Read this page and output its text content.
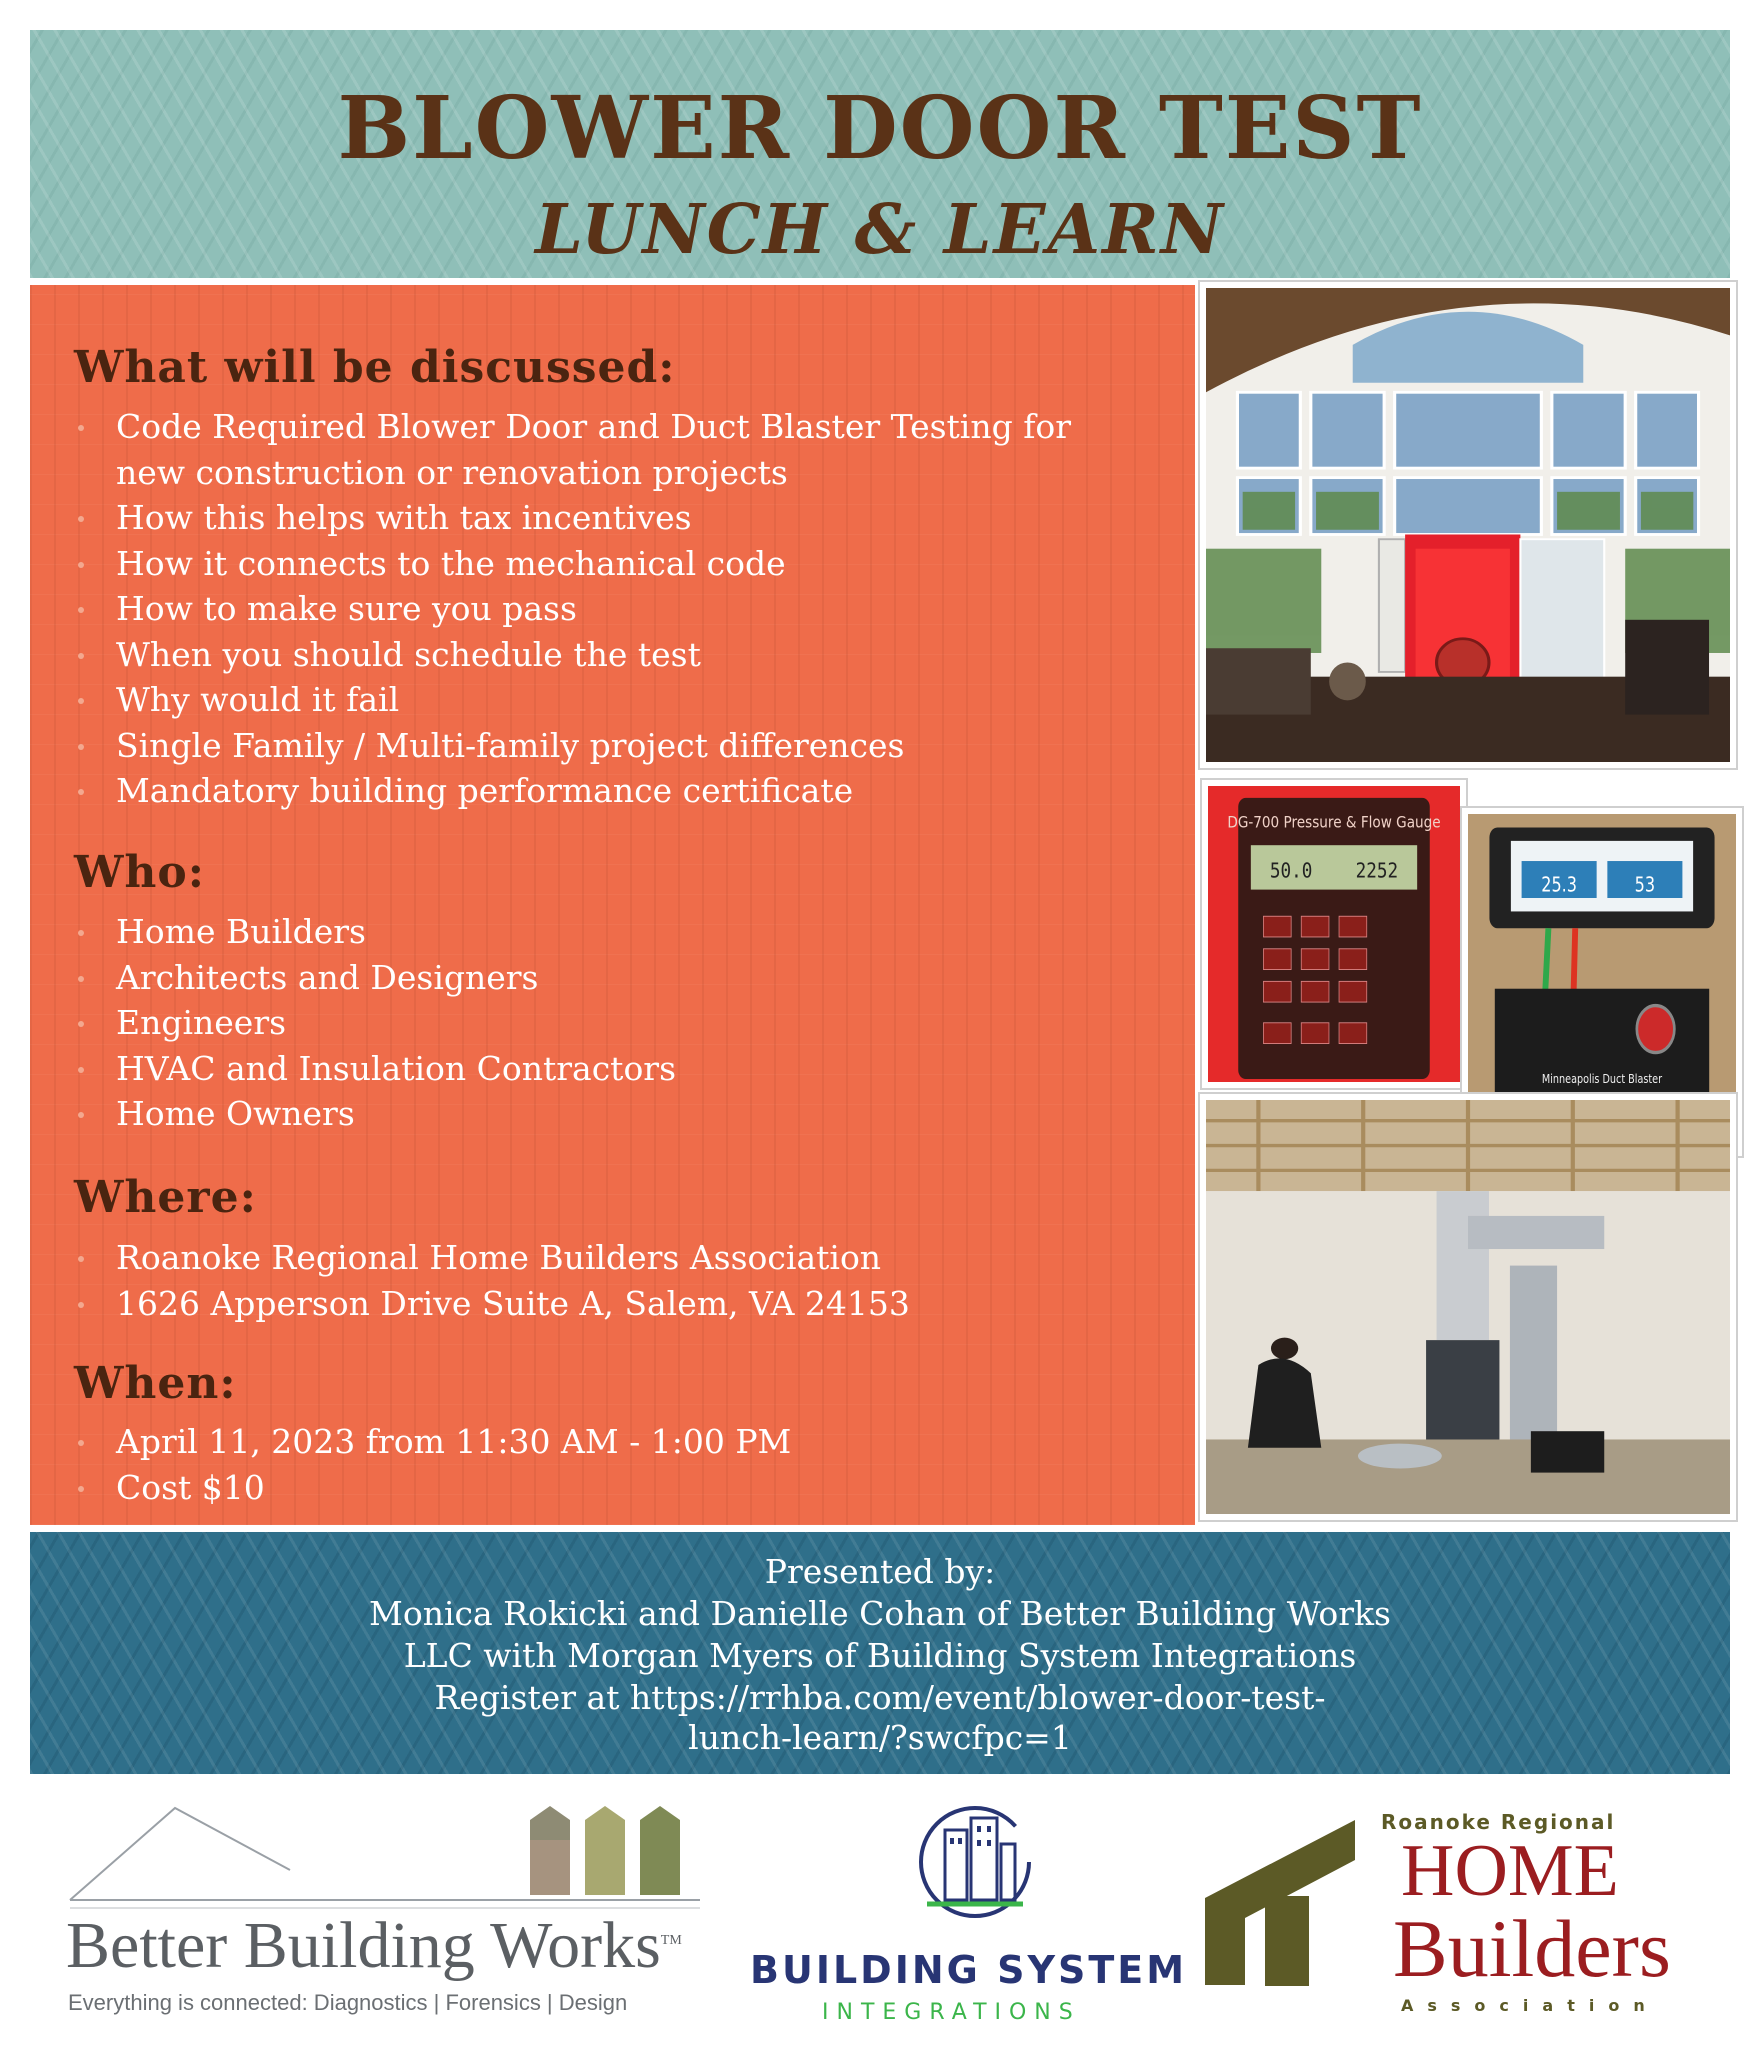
BLOWER DOOR TEST
LUNCH & LEARN
What will be discussed:
Code Required Blower Door and Duct Blaster Testing for
new construction or renovation projects
How this helps with tax incentives
How it connects to the mechanical code
How to make sure you pass
When you should schedule the test
Why would it fail
Single Family / Multi-family project differences
Mandatory building performance certificate
Who:
Home Builders
Architects and Designers
Engineers
HVAC and Insulation Contractors
Home Owners
Where:
Roanoke Regional Home Builders Association
1626 Apperson Drive Suite A, Salem, VA 24153
When:
April 11, 2023 from 11:30 AM - 1:00 PM
Cost $10
DG-700 Pressure & Flow Gauge
50.0	2252
25.3	53
Minneapolis Duct Blaster

Presented by:

Monica Rokicki and Danielle Cohan of Better Building Works

LLC with Morgan Myers of Building System Integrations

Register at https://rrhba.com/event/blower-door-test-

lunch-learn/?swcfpc=1

Better Building Works™

Everything is connected: Diagnostics | Forensics | Design

BUILDING SYSTEM

INTEGRATIONS

Roanoke Regional

HOME

Builders

Association
